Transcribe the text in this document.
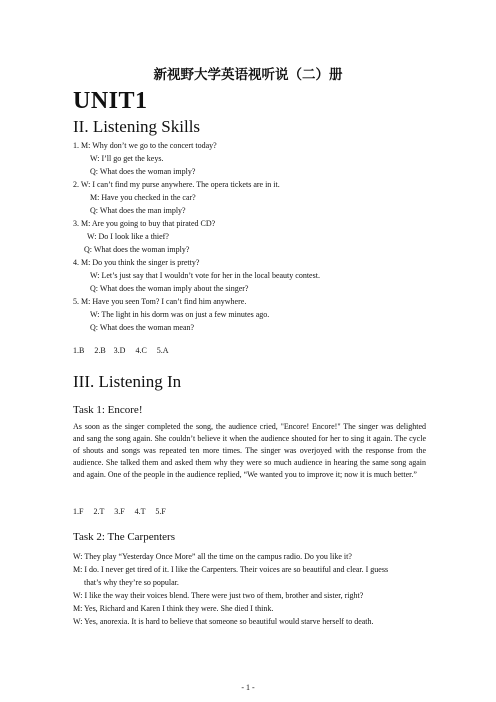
新视野大学英语视听说（二）册
UNIT1
II. Listening Skills
1. M: Why don’t we go to the concert today?
W: I’ll go get the keys.
Q: What does the woman imply?
2. W: I can’t find my purse anywhere. The opera tickets are in it.
M: Have you checked in the car?
Q: What does the man imply?
3. M: Are you going to buy that pirated CD?
W: Do I look like a thief?
Q: What does the woman imply?
4. M: Do you think the singer is pretty?
W: Let’s just say that I wouldn’t vote for her in the local beauty contest.
Q: What does the woman imply about the singer?
5. M: Have you seen Tom? I can’t find him anywhere.
W: The light in his dorm was on just a few minutes ago.
Q: What does the woman mean?
1.B     2.B    3.D     4.C     5.A
III. Listening In
Task 1: Encore!
As soon as the singer completed the song, the audience cried, "Encore! Encore!" The singer was delighted and sang the song again. She couldn’t believe it when the audience shouted for her to sing it again. The cycle of shouts and songs was repeated ten more times. The singer was overjoyed with the response from the audience. She talked them and asked them why they were so much audience in hearing the same song again and again. One of the people in the audience replied, “We wanted you to improve it; now it is much better.”
1.F     2.T     3.F     4.T     5.F
Task 2: The Carpenters
W: They play “Yesterday Once More” all the time on the campus radio. Do you like it?
M: I do. I never get tired of it. I like the Carpenters. Their voices are so beautiful and clear. I guess
that’s why they’re so popular.
W: I like the way their voices blend. There were just two of them, brother and sister, right?
M: Yes, Richard and Karen I think they were. She died I think.
W: Yes, anorexia. It is hard to believe that someone so beautiful would starve herself to death.
- 1 -
